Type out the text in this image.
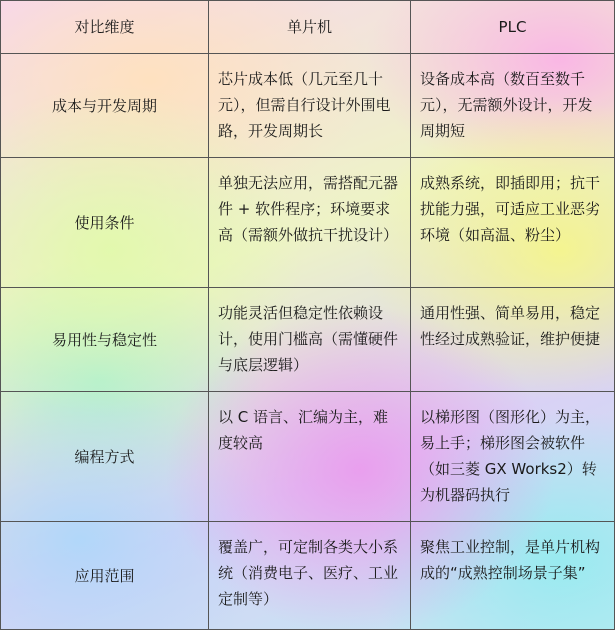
对比维度	单片机	PLC
成本与开发周期	芯片成本低（几元至几十元），但需自行设计外围电路，开发周期长	设备成本高（数百至数千元），无需额外设计，开发周期短
使用条件	单独无法应用，需搭配元器件 + 软件程序；环境要求高（需额外做抗干扰设计）	成熟系统，即插即用；抗干扰能力强，可适应工业恶劣环境（如高温、粉尘）
易用性与稳定性	功能灵活但稳定性依赖设计，使用门槛高（需懂硬件与底层逻辑）	通用性强、简单易用，稳定性经过成熟验证，维护便捷
编程方式	以 C 语言、汇编为主，难度较高	以梯形图（图形化）为主，易上手；梯形图会被软件（如三菱 GX Works2）转为机器码执行
应用范围	覆盖广，可定制各类大小系统（消费电子、医疗、工业定制等）	聚焦工业控制，是单片机构成的“成熟控制场景子集”
